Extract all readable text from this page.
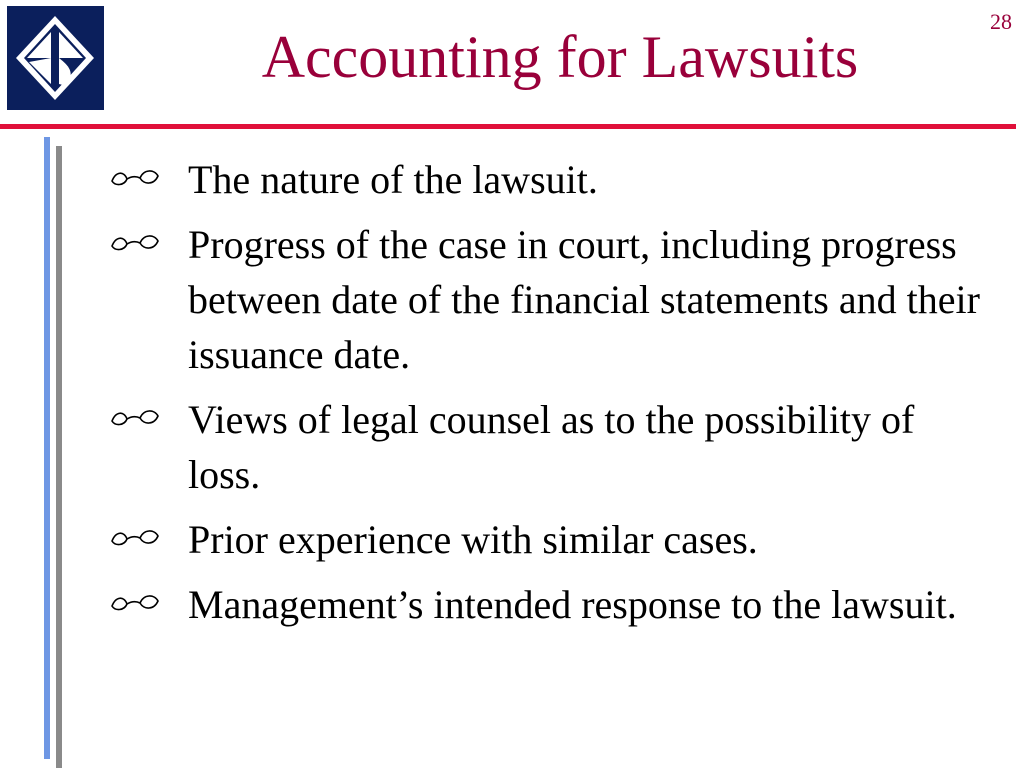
Accounting for Lawsuits
28
The nature of the lawsuit.
Progress of the case in court, including progress between date of the financial statements and their issuance date.
Views of legal counsel as to the possibility of loss.
Prior experience with similar cases.
Management’s intended response to the lawsuit.
